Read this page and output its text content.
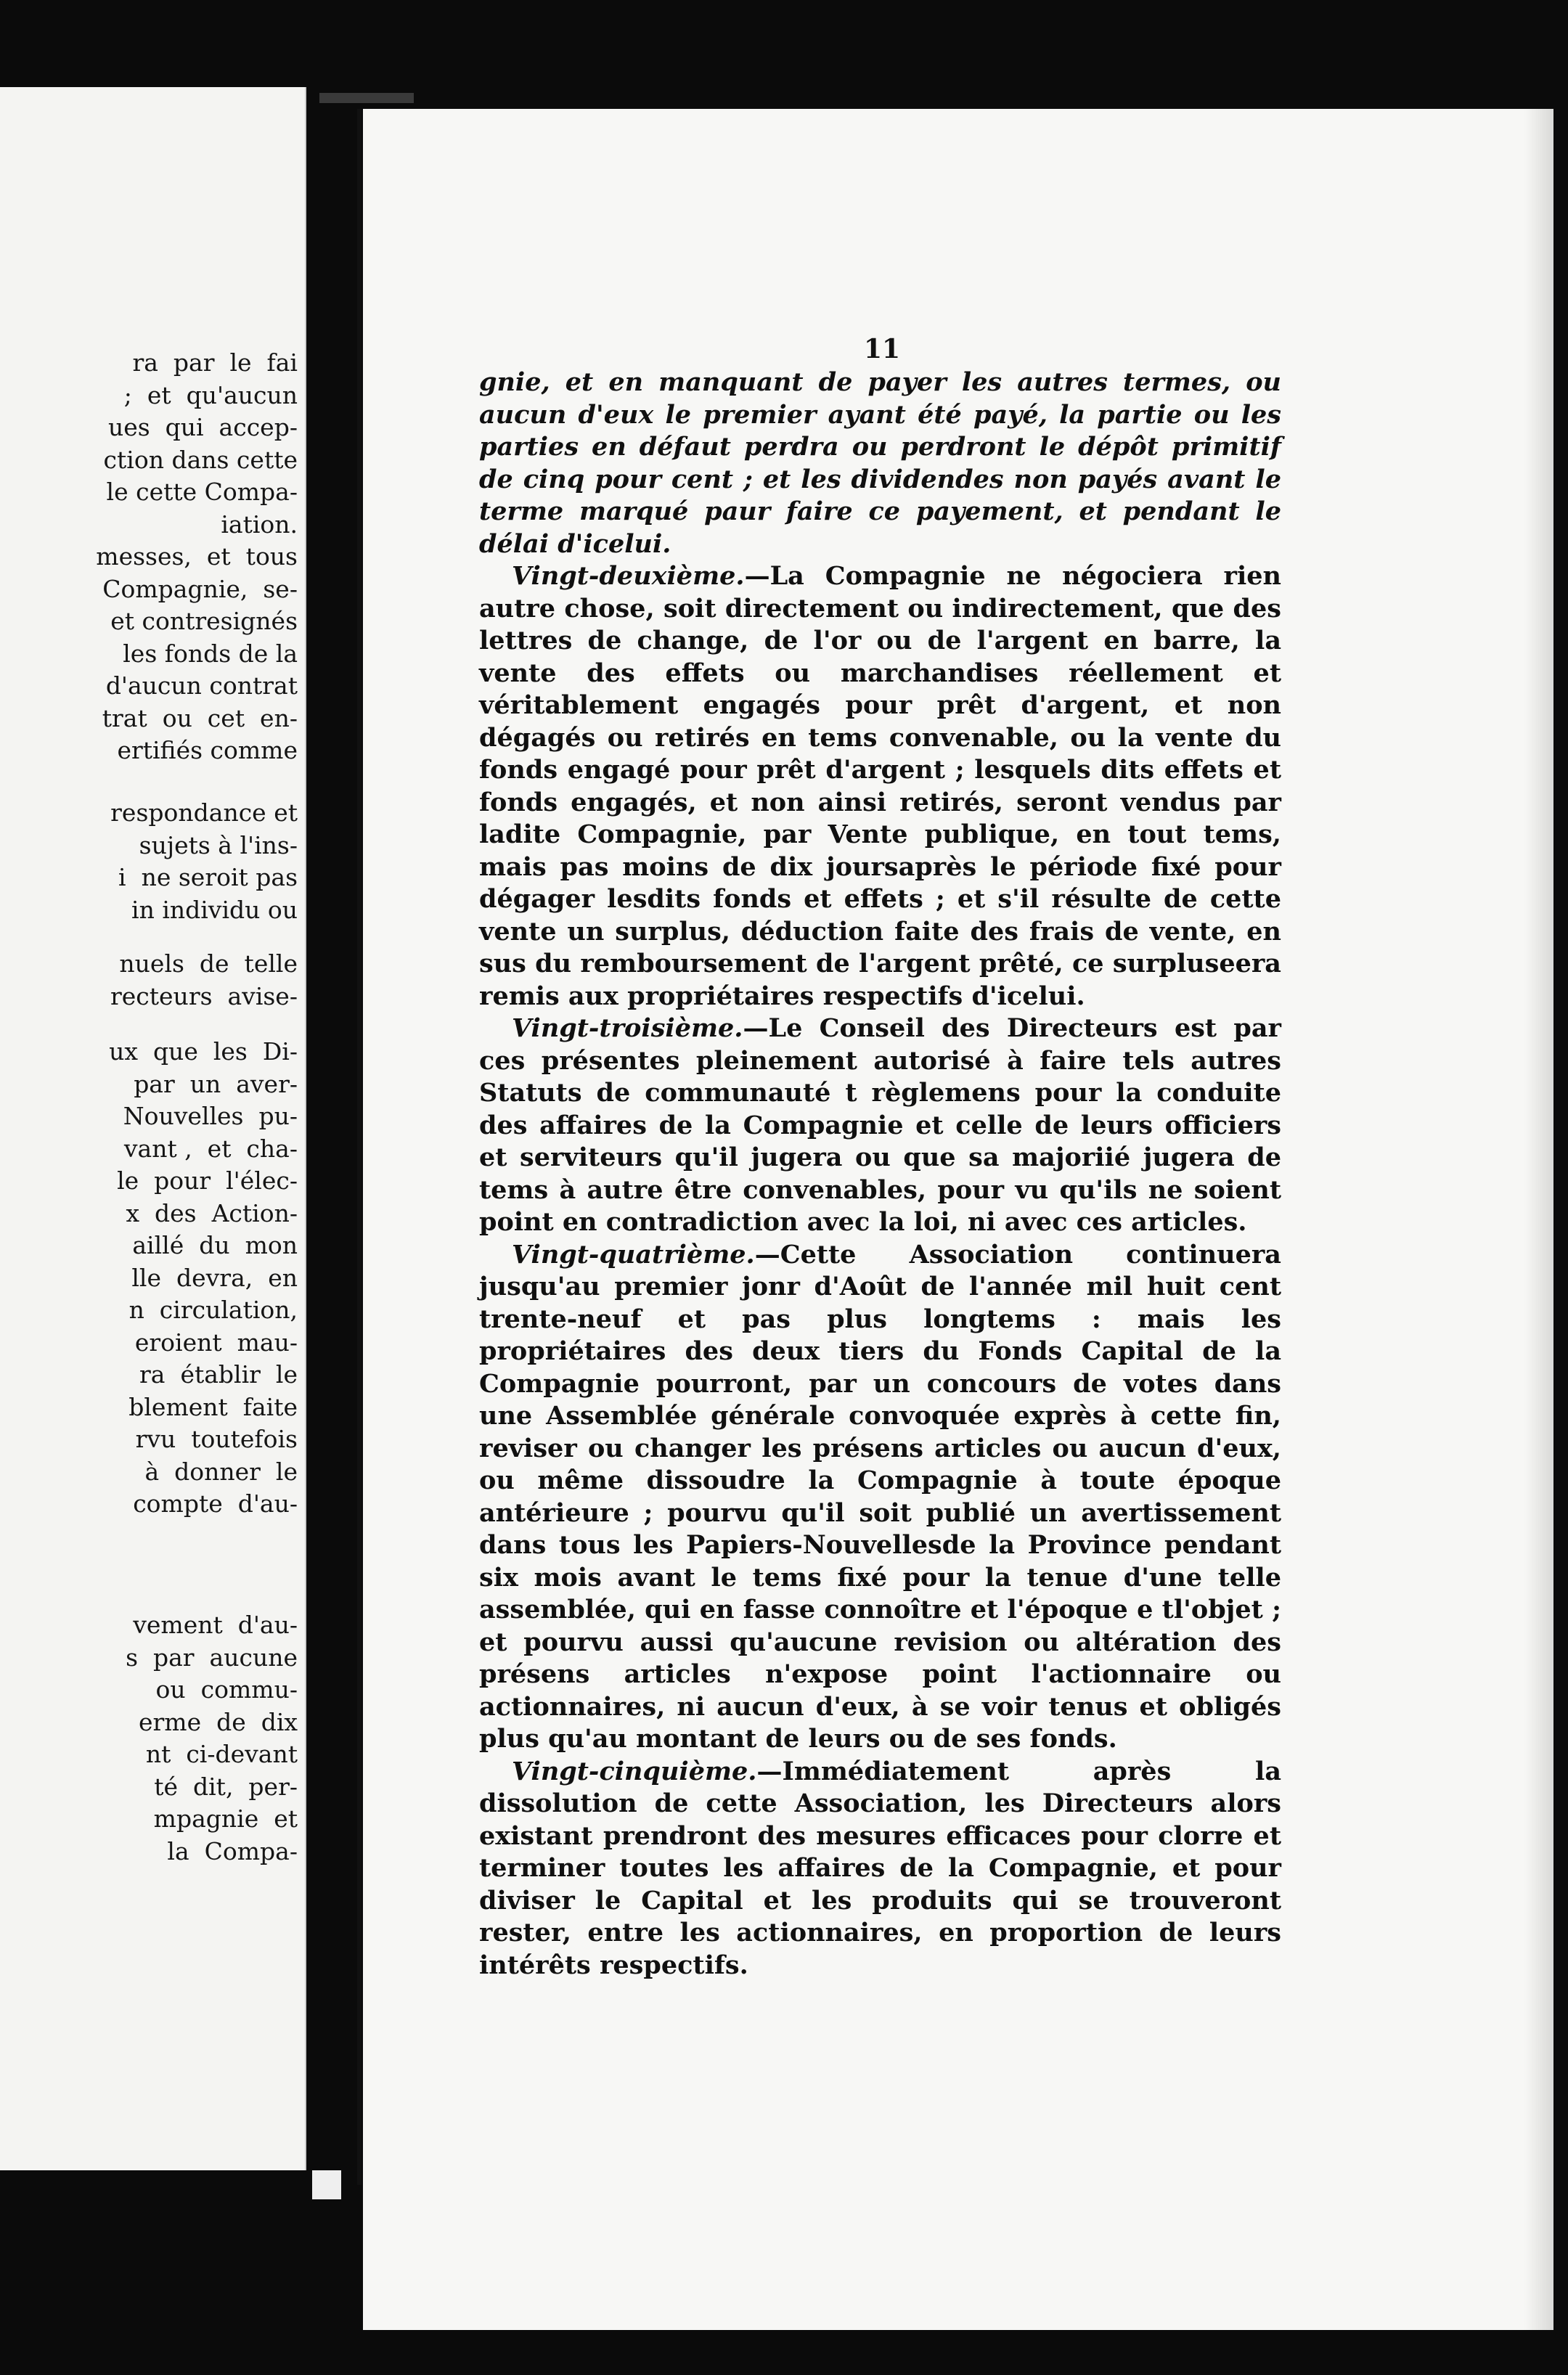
ra  par  le  fai
;  et  qu'aucun
ues  qui  accep-
ction dans cette
le cette Compa-
iation.
messes,  et  tous
Compagnie,  se-
et contresignés
les fonds de la
d'aucun contrat
trat  ou  cet  en-
ertifiés comme
respondance et
sujets à l'ins-
i  ne seroit pas
in individu ou
nuels  de  telle
recteurs  avise-
ux  que  les  Di-
par  un  aver-
Nouvelles  pu-
vant ,  et  cha-
le  pour  l'élec-
x  des  Action-
aillé  du  mon
lle  devra,  en
n  circulation,
eroient  mau-
ra  établir  le
blement  faite
rvu  toutefois
à  donner  le
compte  d'au-
vement  d'au-
s  par  aucune
ou  commu-
erme  de  dix
nt  ci-devant
té  dit,  per-
mpagnie  et
la  Compa-
11

gnie, et en manquant de payer les autres termes, ou aucun d'eux le premier ayant été payé, la partie ou les parties en défaut perdra ou perdront le dépôt primitif de cinq pour cent ; et les dividendes non payés avant le terme marqué paur faire ce payement, et pendant le délai d'icelui.

Vingt-deuxième.—La Compagnie ne négociera rien autre chose, soit directement ou indirectement, que des lettres de change, de l'or ou de l'argent en barre, la vente des effets ou marchandises réellement et véritablement engagés pour prêt d'argent, et non dégagés ou retirés en tems convenable, ou la vente du fonds engagé pour prêt d'argent ; lesquels dits effets et fonds engagés, et non ainsi retirés, seront vendus par ladite Compagnie, par Vente publique, en tout tems, mais pas moins de dix joursaprès le période fixé pour dégager lesdits fonds et effets ; et s'il résulte de cette vente un surplus, déduction faite des frais de vente, en sus du remboursement de l'argent prêté, ce surpluseera remis aux propriétaires respectifs d'icelui.

Vingt-troisième.—Le Conseil des Directeurs est par ces présentes pleinement autorisé à faire tels autres Statuts de communauté t règlemens pour la conduite des affaires de la Compagnie et celle de leurs officiers et serviteurs qu'il jugera ou que sa majoriié jugera de tems à autre être convenables, pour vu qu'ils ne soient point en contradiction avec la loi, ni avec ces articles.

Vingt-quatrième.—Cette Association continuera jusqu'au premier jonr d'Août de l'année mil huit cent trente-neuf et pas plus longtems : mais les propriétaires des deux tiers du Fonds Capital de la Compagnie pourront, par un concours de votes dans une Assemblée générale convoquée exprès à cette fin, reviser ou changer les présens articles ou aucun d'eux, ou même dissoudre la Compagnie à toute époque antérieure ; pourvu qu'il soit publié un avertissement dans tous les Papiers-Nouvellesde la Province pendant six mois avant le tems fixé pour la tenue d'une telle assemblée, qui en fasse connoître et l'époque e tl'objet ; et pourvu aussi qu'aucune revision ou altération des présens articles n'expose point l'actionnaire ou actionnaires, ni aucun d'eux, à se voir tenus et obligés plus qu'au montant de leurs ou de ses fonds.

Vingt-cinquième.—Immédiatement après la dissolution de cette Association, les Directeurs alors existant prendront des mesures efficaces pour clorre et terminer toutes les affaires de la Compagnie, et pour diviser le Capital et les produits qui se trouveront rester, entre les actionnaires, en proportion de leurs intérêts respectifs.
